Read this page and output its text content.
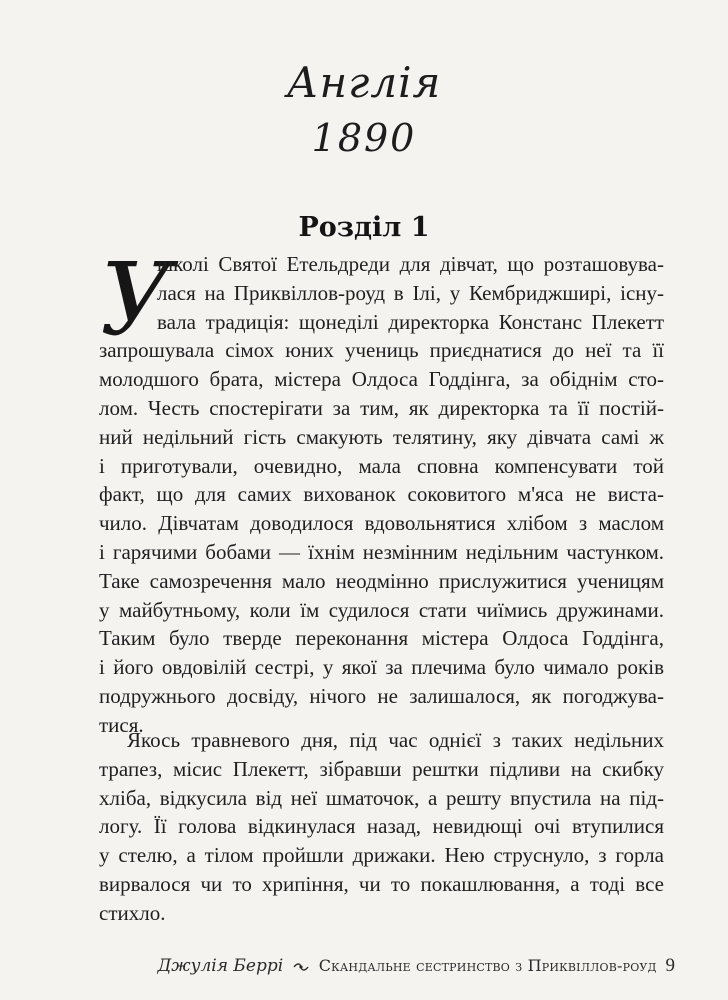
Англія
1890
Розділ 1
У
школі Святої Етельдреди для дівчат, що розташовува-
лася на Приквіллов-роуд в Ілі, у Кембриджширі, існу-
вала традиція: щонеділі директорка Констанс Плекетт
запрошувала сімох юних учениць приєднатися до неї та її
молодшого брата, містера Олдоса Годдінга, за обіднім сто-
лом. Честь спостерігати за тим, як директорка та її постій-
ний недільний гість смакують телятину, яку дівчата самі ж
і приготували, очевидно, мала сповна компенсувати той
факт, що для самих вихованок соковитого м'яса не виста-
чило. Дівчатам доводилося вдовольнятися хлібом з маслом
і гарячими бобами — їхнім незмінним недільним частунком.
Таке самозречення мало неодмінно прислужитися ученицям
у майбутньому, коли їм судилося стати чиїмись дружинами.
Таким було тверде переконання містера Олдоса Годдінга,
і його овдовілій сестрі, у якої за плечима було чимало років
подружнього досвіду, нічого не залишалося, як погоджува-
тися.
Якось травневого дня, під час однієї з таких недільних
трапез, місис Плекетт, зібравши рештки підливи на скибку
хліба, відкусила від неї шматочок, а решту впустила на під-
логу. Її голова відкинулася назад, невидющі очі втупилися
у стелю, а тілом пройшли дрижаки. Нею струснуло, з горла
вирвалося чи то хрипіння, чи то покашлювання, а тоді все
стихло.
Джулія Беррі Скандальне сестринство з Приквіллов-роуд 9
